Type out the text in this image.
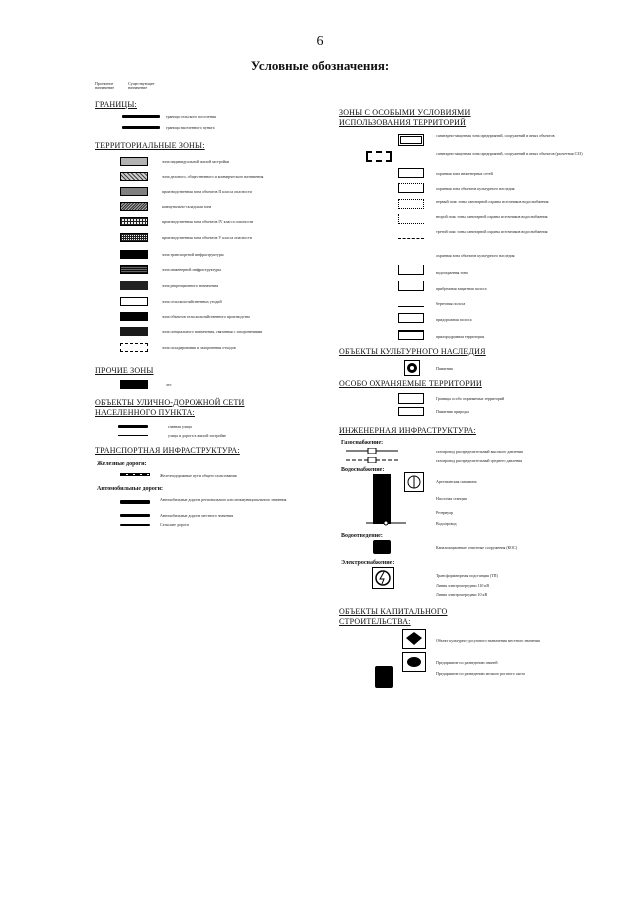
6
Условные обозначения:
Проектное назначение
Существующее назначение
ГРАНИЦЫ:
граница сельского поселения
граница населенного пункта
ТЕРРИТОРИАЛЬНЫЕ ЗОНЫ:
зона индивидуальной жилой застройки
зона делового, общественного и коммерческого назначения
производственная зона объектов II класса опасности
коммунально-складская зона
производственная зона объектов IV класса опасности
производственная зона объектов V класса опасности
зона транспортной инфраструктуры
зона инженерной инфраструктуры
зона рекреационного назначения
зона сельскохозяйственных угодий
зона объектов сельскохозяйственного производства
зона специального назначения, связанная с захоронениями
зона складирования и захоронения отходов
ПРОЧИЕ ЗОНЫ
лес
ОБЪЕКТЫ УЛИЧНО-ДОРОЖНОЙ СЕТИ
НАСЕЛЕННОГО ПУНКТА:
главная улица
улица и дорога в жилой застройке
ТРАНСПОРТНАЯ ИНФРАСТРУКТУРА:
Железные дороги:
Железнодорожные пути общего пользования
Автомобильные дороги:
Автомобильные дороги регионального или межмуниципального значения
Автомобильные дороги местного значения
Сельские дороги
ЗОНЫ С ОСОБЫМИ УСЛОВИЯМИ
ИСПОЛЬЗОВАНИЯ ТЕРРИТОРИЙ
санитарно-защитная зона предприятий, сооружений и иных объектов
санитарно-защитная зона предприятий, сооружений и иных объектов (расчетная СЗЗ)
охранная зона инженерных сетей
охранная зона объектов культурного наследия
первый пояс зоны санитарной охраны источников водоснабжения
второй пояс зоны санитарной охраны источников водоснабжения
третий пояс зоны санитарной охраны источников водоснабжения
охранная зона объектов культурного наследия
водоохранная зона
прибрежная защитная полоса
береговая полоса
придорожная полоса
приаэродромная территория
ОБЪЕКТЫ КУЛЬТУРНОГО НАСЛЕДИЯ
Памятник
ОСОБО ОХРАНЯЕМЫЕ ТЕРРИТОРИИ
Границы особо охраняемых территорий
Памятник природы
ИНЖЕНЕРНАЯ ИНФРАСТРУКТУРА:
Газоснабжение:
газопровод распределительный высокого давления
газопровод распределительный среднего давления
Водоснабжение:
Артезианская скважина
Насосная станция
Резервуар
Водопровод
Водоотведение:
Канализационные очистные сооружения (КОС)
Электроснабжение:
Трансформаторная подстанция (ТП)
Линия электропередачи 110 кВ
Линия электропередачи 10 кВ
ОБЪЕКТЫ КАПИТАЛЬНОГО
СТРОИТЕЛЬСТВА:
Объект культурно-досугового назначения местного значения
Предприятие по разведению свиней
Предприятие по разведению мелкого рогатого скота
